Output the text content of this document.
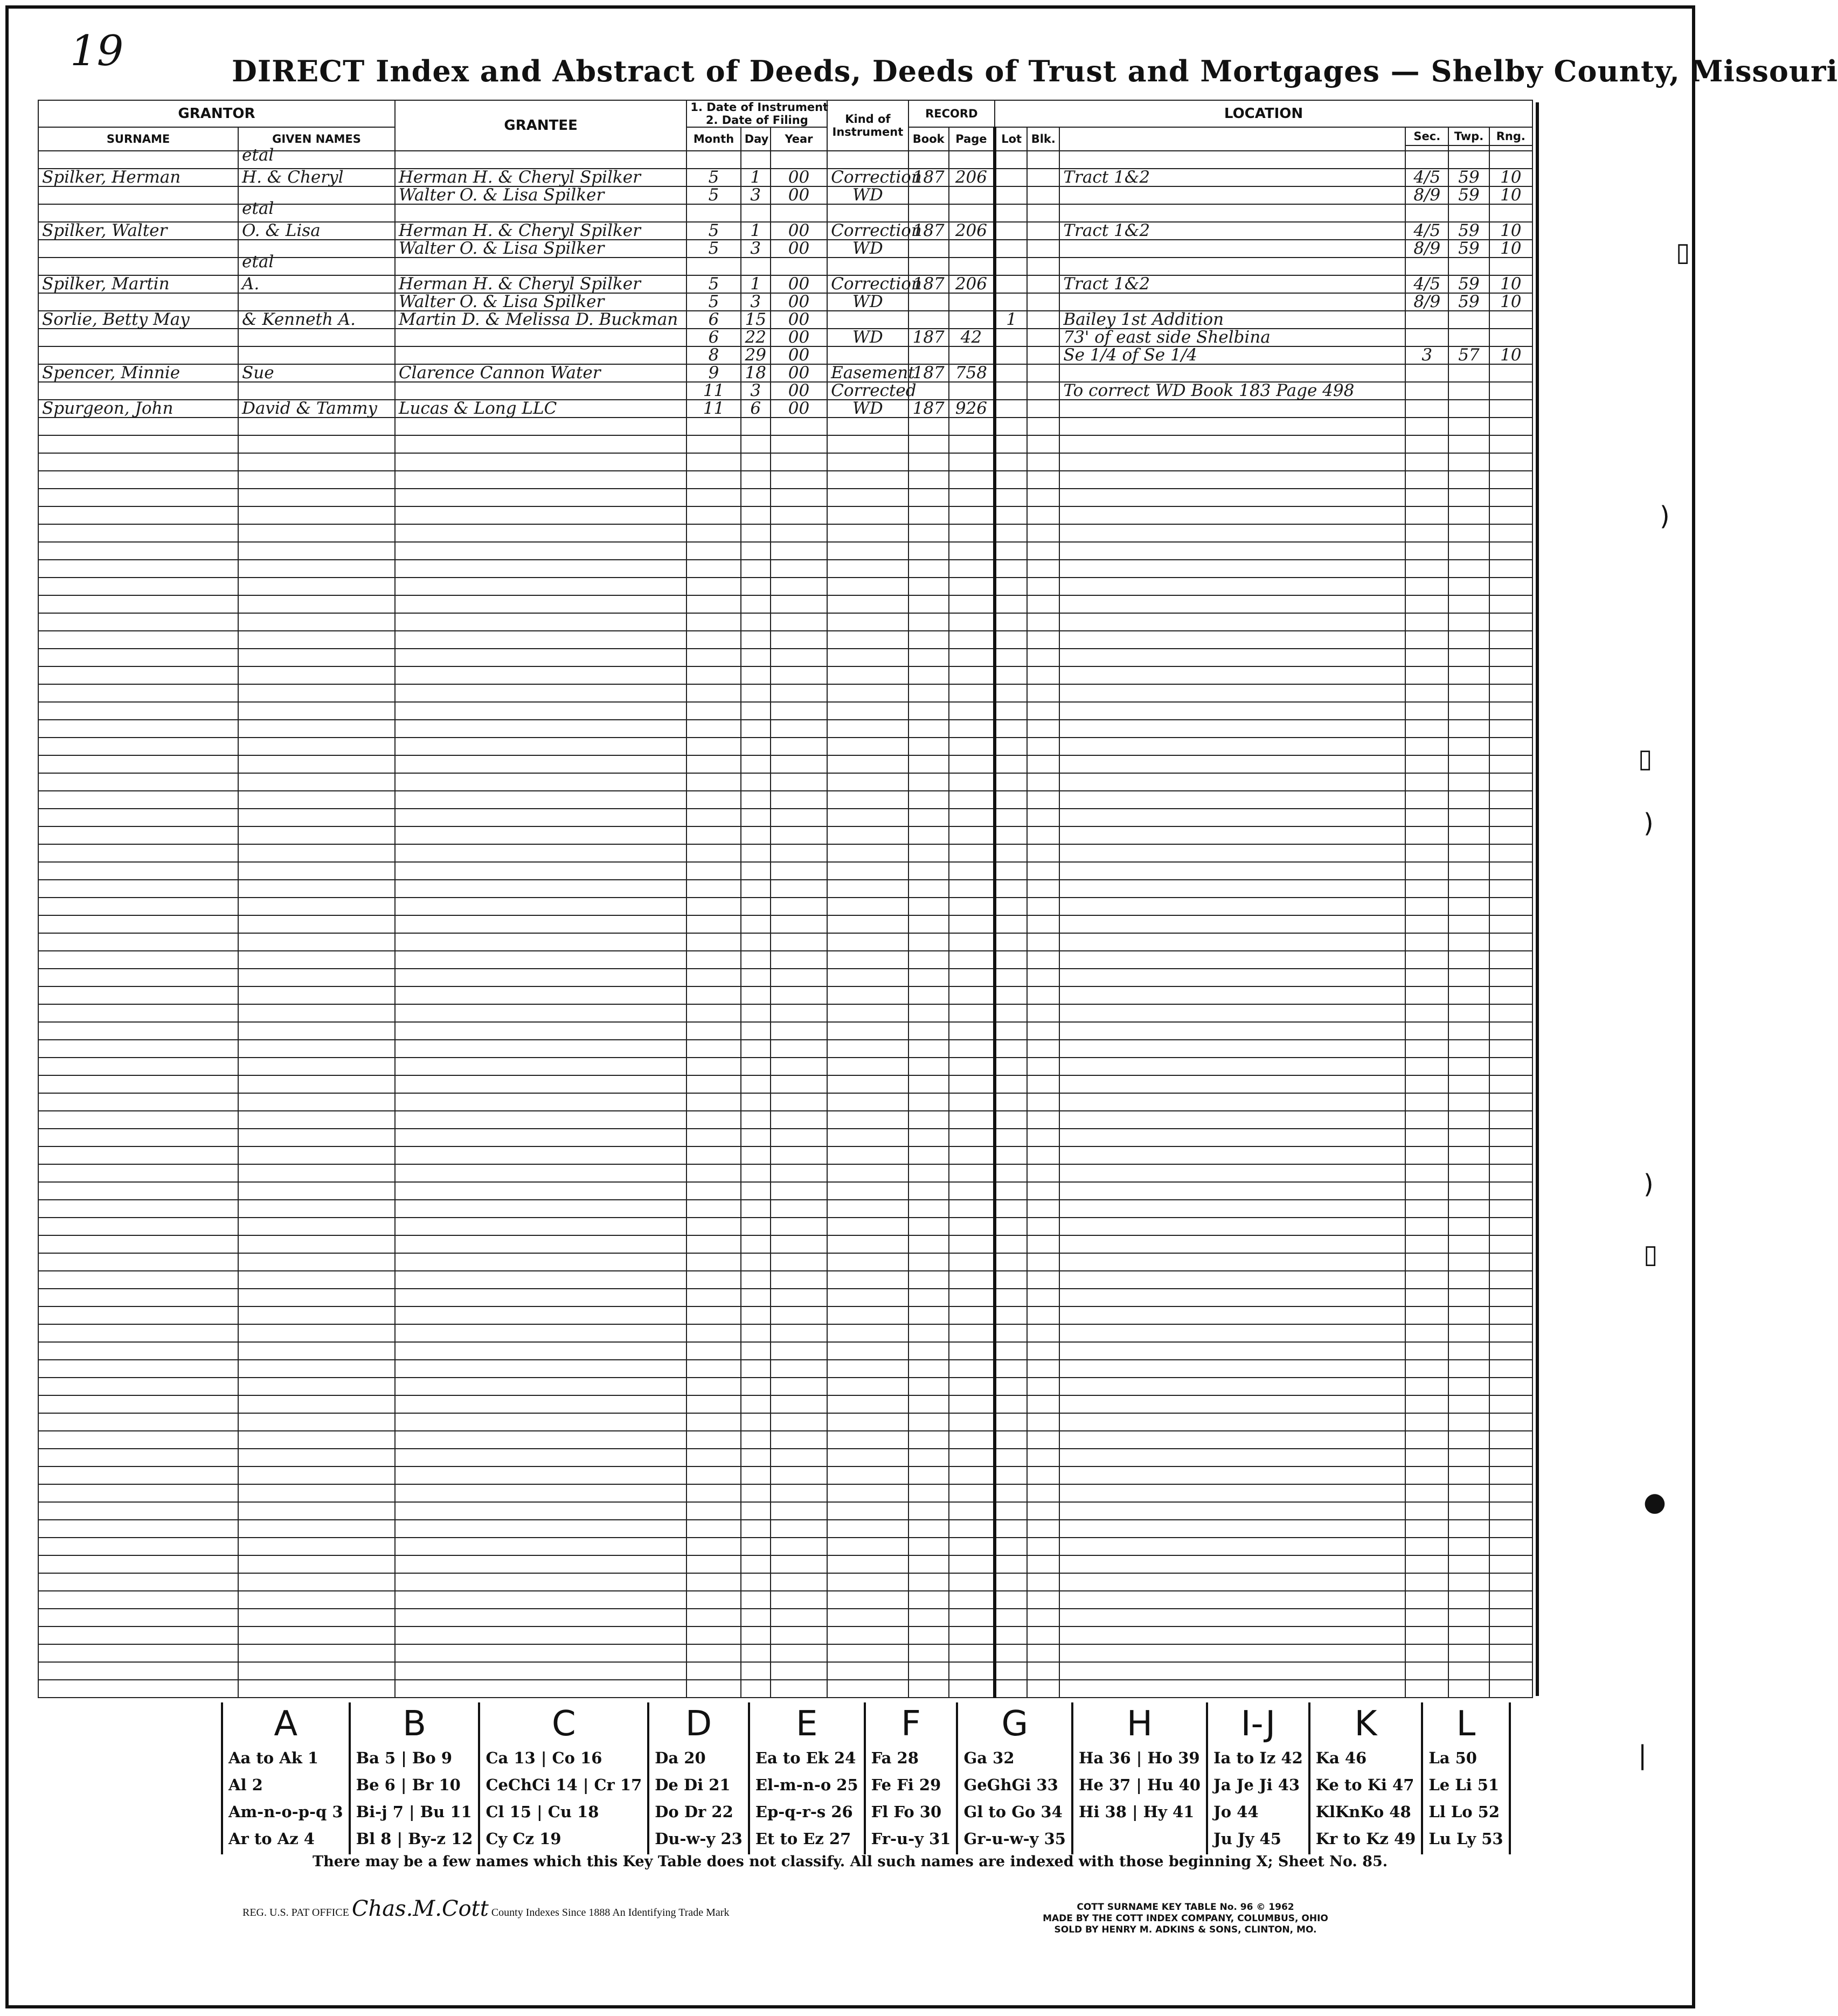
19	DIRECT Index and Abstract of Deeds, Deeds of Trust and Mortgages — Shelby County, Missouri
GRANTOR		GRANTEE	1. Date of Instrument
2. Date of Filing			Kind of Instrument	RECORD		LOCATION					
SURNAME	GIVEN NAMES		Month	Day	Year		Book	Page	Lot	Blk.		Sec.	Twp.	Rng.

	etal													
Spilker, Herman	H. & Cheryl	Herman H. & Cheryl Spilker	5	1	00	Correction	187	206			Tract 1&2	4/5	59	10
		Walter O. & Lisa Spilker	5	3	00	WD						8/9	59	10
	etal													
Spilker, Walter	O. & Lisa	Herman H. & Cheryl Spilker	5	1	00	Correction	187	206			Tract 1&2	4/5	59	10
		Walter O. & Lisa Spilker	5	3	00	WD						8/9	59	10
	etal													
Spilker, Martin	A.	Herman H. & Cheryl Spilker	5	1	00	Correction	187	206			Tract 1&2	4/5	59	10
		Walter O. & Lisa Spilker	5	3	00	WD						8/9	59	10
Sorlie, Betty May	& Kenneth A.	Martin D. & Melissa D. Buckman	6	15	00				1		Bailey 1st Addition			
			6	22	00	WD	187	42			73' of east side Shelbina			
			8	29	00						Se 1/4 of Se 1/4	3	57	10
Spencer, Minnie	Sue	Clarence Cannon Water	9	18	00	Easement	187	758						
			11	3	00	Corrected					To correct WD Book 183 Page 498			
Spurgeon, John	David & Tammy	Lucas & Long LLC	11	6	00	WD	187	926						

A
Aa to Ak 1
Al 2
Am-n-o-p-q 3
Ar to Az 4

B
Ba 5 | Bo 9
Be 6 | Br 10
Bi-j 7 | Bu 11
Bl 8 | By-z 12

C
Ca 13 | Co 16
CeChCi 14 | Cr 17
Cl 15 | Cu 18
Cy Cz 19

D
Da 20
De Di 21
Do Dr 22
Du-w-y 23

E
Ea to Ek 24
El-m-n-o 25
Ep-q-r-s 26
Et to Ez 27

F
Fa 28
Fe Fi 29
Fl Fo 30
Fr-u-y 31

G
Ga 32
GeGhGi 33
Gl to Go 34
Gr-u-w-y 35

H
Ha 36 | Ho 39
He 37 | Hu 40
Hi 38 | Hy 41

I-J
Ia to Iz 42
Ja Je Ji 43
Jo 44
Ju Jy 45

K
Ka 46
Ke to Ki 47
KlKnKo 48
Kr to Kz 49

L
La 50
Le Li 51
Ll Lo 52
Lu Ly 53
There may be a few names which this Key Table does not classify. All such names are indexed with those beginning X; Sheet No. 85.
REG. U.S. PAT OFFICE Chas.M.Cott County Indexes Since 1888 An Identifying Trade Mark	COTT SURNAME KEY TABLE No. 96 © 1962
MADE BY THE COTT INDEX COMPANY, COLUMBUS, OHIO
SOLD BY HENRY M. ADKINS & SONS, CLINTON, MO.
▯
)
▯
)
)
▯
●
|
